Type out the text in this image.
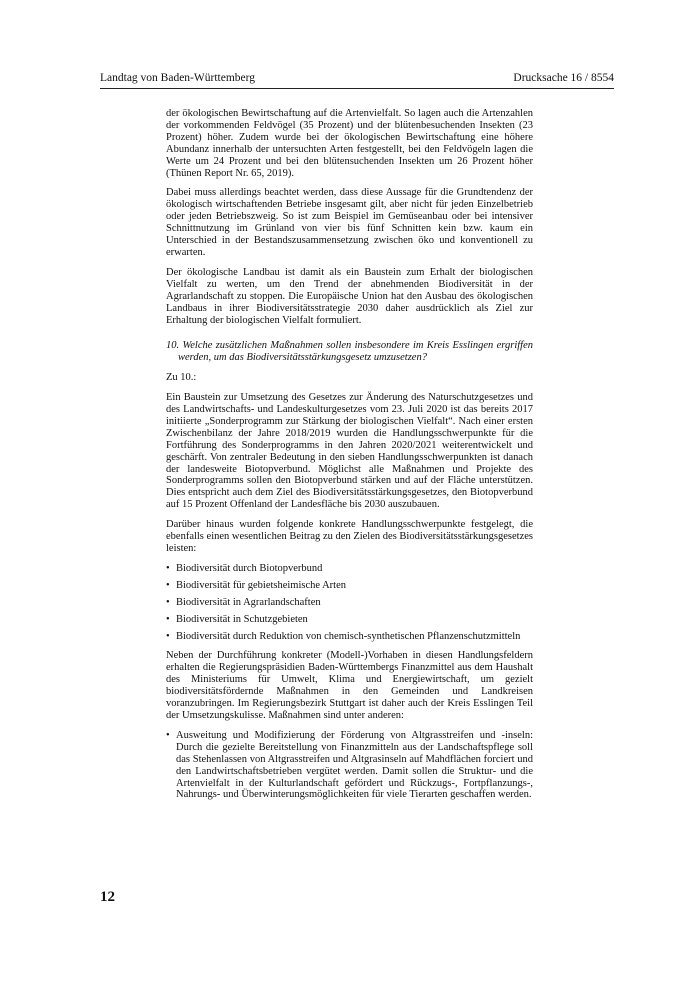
Landtag von Baden-Württemberg	Drucksache 16 / 8554

der ökologischen Bewirtschaftung auf die Artenvielfalt. So lagen auch die Artenzahlen der vorkommenden Feldvögel (35 Prozent) und der blütenbesuchenden Insekten (23 Prozent) höher. Zudem wurde bei der ökologischen Bewirtschaftung eine höhere Abundanz innerhalb der untersuchten Arten festgestellt, bei den Feldvögeln lagen die Werte um 24 Prozent und bei den blütensuchenden Insekten um 26 Prozent höher (Thünen Report Nr. 65, 2019).

Dabei muss allerdings beachtet werden, dass diese Aussage für die Grundtendenz der ökologisch wirtschaftenden Betriebe insgesamt gilt, aber nicht für jeden Einzelbetrieb oder jeden Betriebszweig. So ist zum Beispiel im Gemüseanbau oder bei intensiver Schnittnutzung im Grünland von vier bis fünf Schnitten kein bzw. kaum ein Unterschied in der Bestandszusammensetzung zwischen öko und konventionell zu erwarten.

Der ökologische Landbau ist damit als ein Baustein zum Erhalt der biologischen Vielfalt zu werten, um den Trend der abnehmenden Biodiversität in der Agrarlandschaft zu stoppen. Die Europäische Union hat den Ausbau des ökologischen Landbaus in ihrer Biodiversitätsstrategie 2030 daher ausdrücklich als Ziel zur Erhaltung der biologischen Vielfalt formuliert.

10. Welche zusätzlichen Maßnahmen sollen insbesondere im Kreis Esslingen ergriffen werden, um das Biodiversitätsstärkungsgesetz umzusetzen?

Zu 10.:

Ein Baustein zur Umsetzung des Gesetzes zur Änderung des Naturschutzgesetzes und des Landwirtschafts- und Landeskulturgesetzes vom 23. Juli 2020 ist das bereits 2017 initiierte „Sonderprogramm zur Stärkung der biologischen Vielfalt“. Nach einer ersten Zwischenbilanz der Jahre 2018/2019 wurden die Handlungsschwerpunkte für die Fortführung des Sonderprogramms in den Jahren 2020/2021 weiterentwickelt und geschärft. Von zentraler Bedeutung in den sieben Handlungsschwerpunkten ist danach der landesweite Biotopverbund. Möglichst alle Maßnahmen und Projekte des Sonderprogramms sollen den Biotopverbund stärken und auf der Fläche unterstützen. Dies entspricht auch dem Ziel des Biodiversitätsstärkungsgesetzes, den Biotopverbund auf 15 Prozent Offenland der Landesfläche bis 2030 auszubauen.

Darüber hinaus wurden folgende konkrete Handlungsschwerpunkte festgelegt, die ebenfalls einen wesentlichen Beitrag zu den Zielen des Biodiversitätsstärkungsgesetzes leisten:

• Biodiversität durch Biotopverbund
• Biodiversität für gebietsheimische Arten
• Biodiversität in Agrarlandschaften
• Biodiversität in Schutzgebieten
• Biodiversität durch Reduktion von chemisch-synthetischen Pflanzenschutzmitteln

Neben der Durchführung konkreter (Modell-)Vorhaben in diesen Handlungsfeldern erhalten die Regierungspräsidien Baden-Württembergs Finanzmittel aus dem Haushalt des Ministeriums für Umwelt, Klima und Energiewirtschaft, um gezielt biodiversitätsfördernde Maßnahmen in den Gemeinden und Landkreisen voranzubringen. Im Regierungsbezirk Stuttgart ist daher auch der Kreis Esslingen Teil der Umsetzungskulisse. Maßnahmen sind unter anderen:

• Ausweitung und Modifizierung der Förderung von Altgrasstreifen und -inseln: Durch die gezielte Bereitstellung von Finanzmitteln aus der Landschaftspflege soll das Stehenlassen von Altgrasstreifen und Altgrasinseln auf Mahdflächen forciert und den Landwirtschaftsbetrieben vergütet werden. Damit sollen die Struktur- und die Artenvielfalt in der Kulturlandschaft gefördert und Rückzugs-, Fortpflanzungs-, Nahrungs- und Überwinterungsmöglichkeiten für viele Tierarten geschaffen werden.
12
